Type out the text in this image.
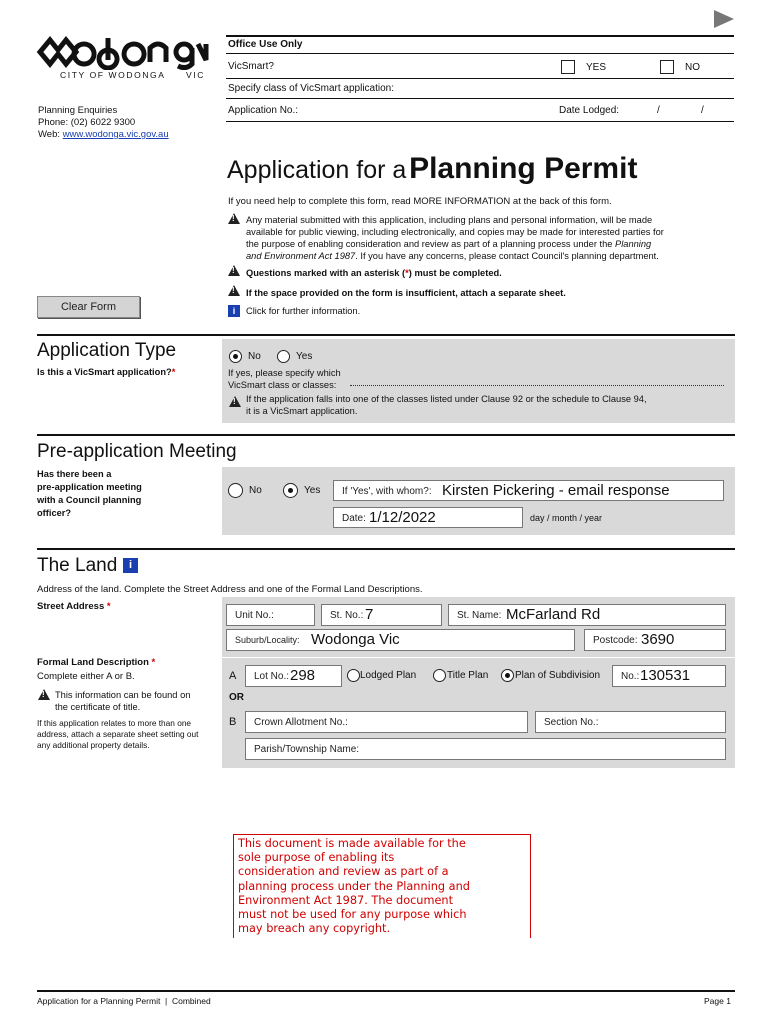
CITY OF WODONGA VIC
Planning Enquiries
Phone: (02) 6022 9300
Web: www.wodonga.vic.gov.au
Office Use Only
VicSmart?	YES	NO
Specify class of VicSmart application:
Application No.:	Date Lodged:	/	/
Application for a Planning Permit
If you need help to complete this form, read MORE INFORMATION at the back of this form.
!
Any material submitted with this application, including plans and personal information, will be made
available for public viewing, including electronically, and copies may be made for interested parties for
the purpose of enabling consideration and review as part of a planning process under the Planning
and Environment Act 1987. If you have any concerns, please contact Council's planning department.
!
Questions marked with an asterisk (*) must be completed.
!
If the space provided on the form is insufficient, attach a separate sheet.
i	Click for further information.
Clear Form
Application Type
Is this a VicSmart application?*
No	Yes
If yes, please specify which
VicSmart class or classes:
!
If the application falls into one of the classes listed under Clause 92 or the schedule to Clause 94,
it is a VicSmart application.
Pre-application Meeting
Has there been a
pre-application meeting
with a Council planning
officer?
No	Yes If 'Yes', with whom?: Kirsten Pickering - email response
Date: 1/12/2022	day / month / year
The Land	i
Address of the land. Complete the Street Address and one of the Formal Land Descriptions.
Street Address *
Unit No.:	St. No.: 7	St. Name: McFarland Rd
Suburb/Locality: Wodonga Vic	Postcode: 3690
Formal Land Description *
Complete either A or B.
!
This information can be found on
the certificate of title.
If this application relates to more than one
address, attach a separate sheet setting out
any additional property details.
A Lot No.: 298	Lodged Plan	Title Plan	Plan of Subdivision No.: 130531
OR
B Crown Allotment No.:	Section No.:
Parish/Township Name:
This document is made available for the
sole purpose of enabling its
consideration and review as part of a
planning process under the Planning and
Environment Act 1987. The document
must not be used for any purpose which
may breach any copyright.
Application for a Planning Permit  |  Combined	Page 1
